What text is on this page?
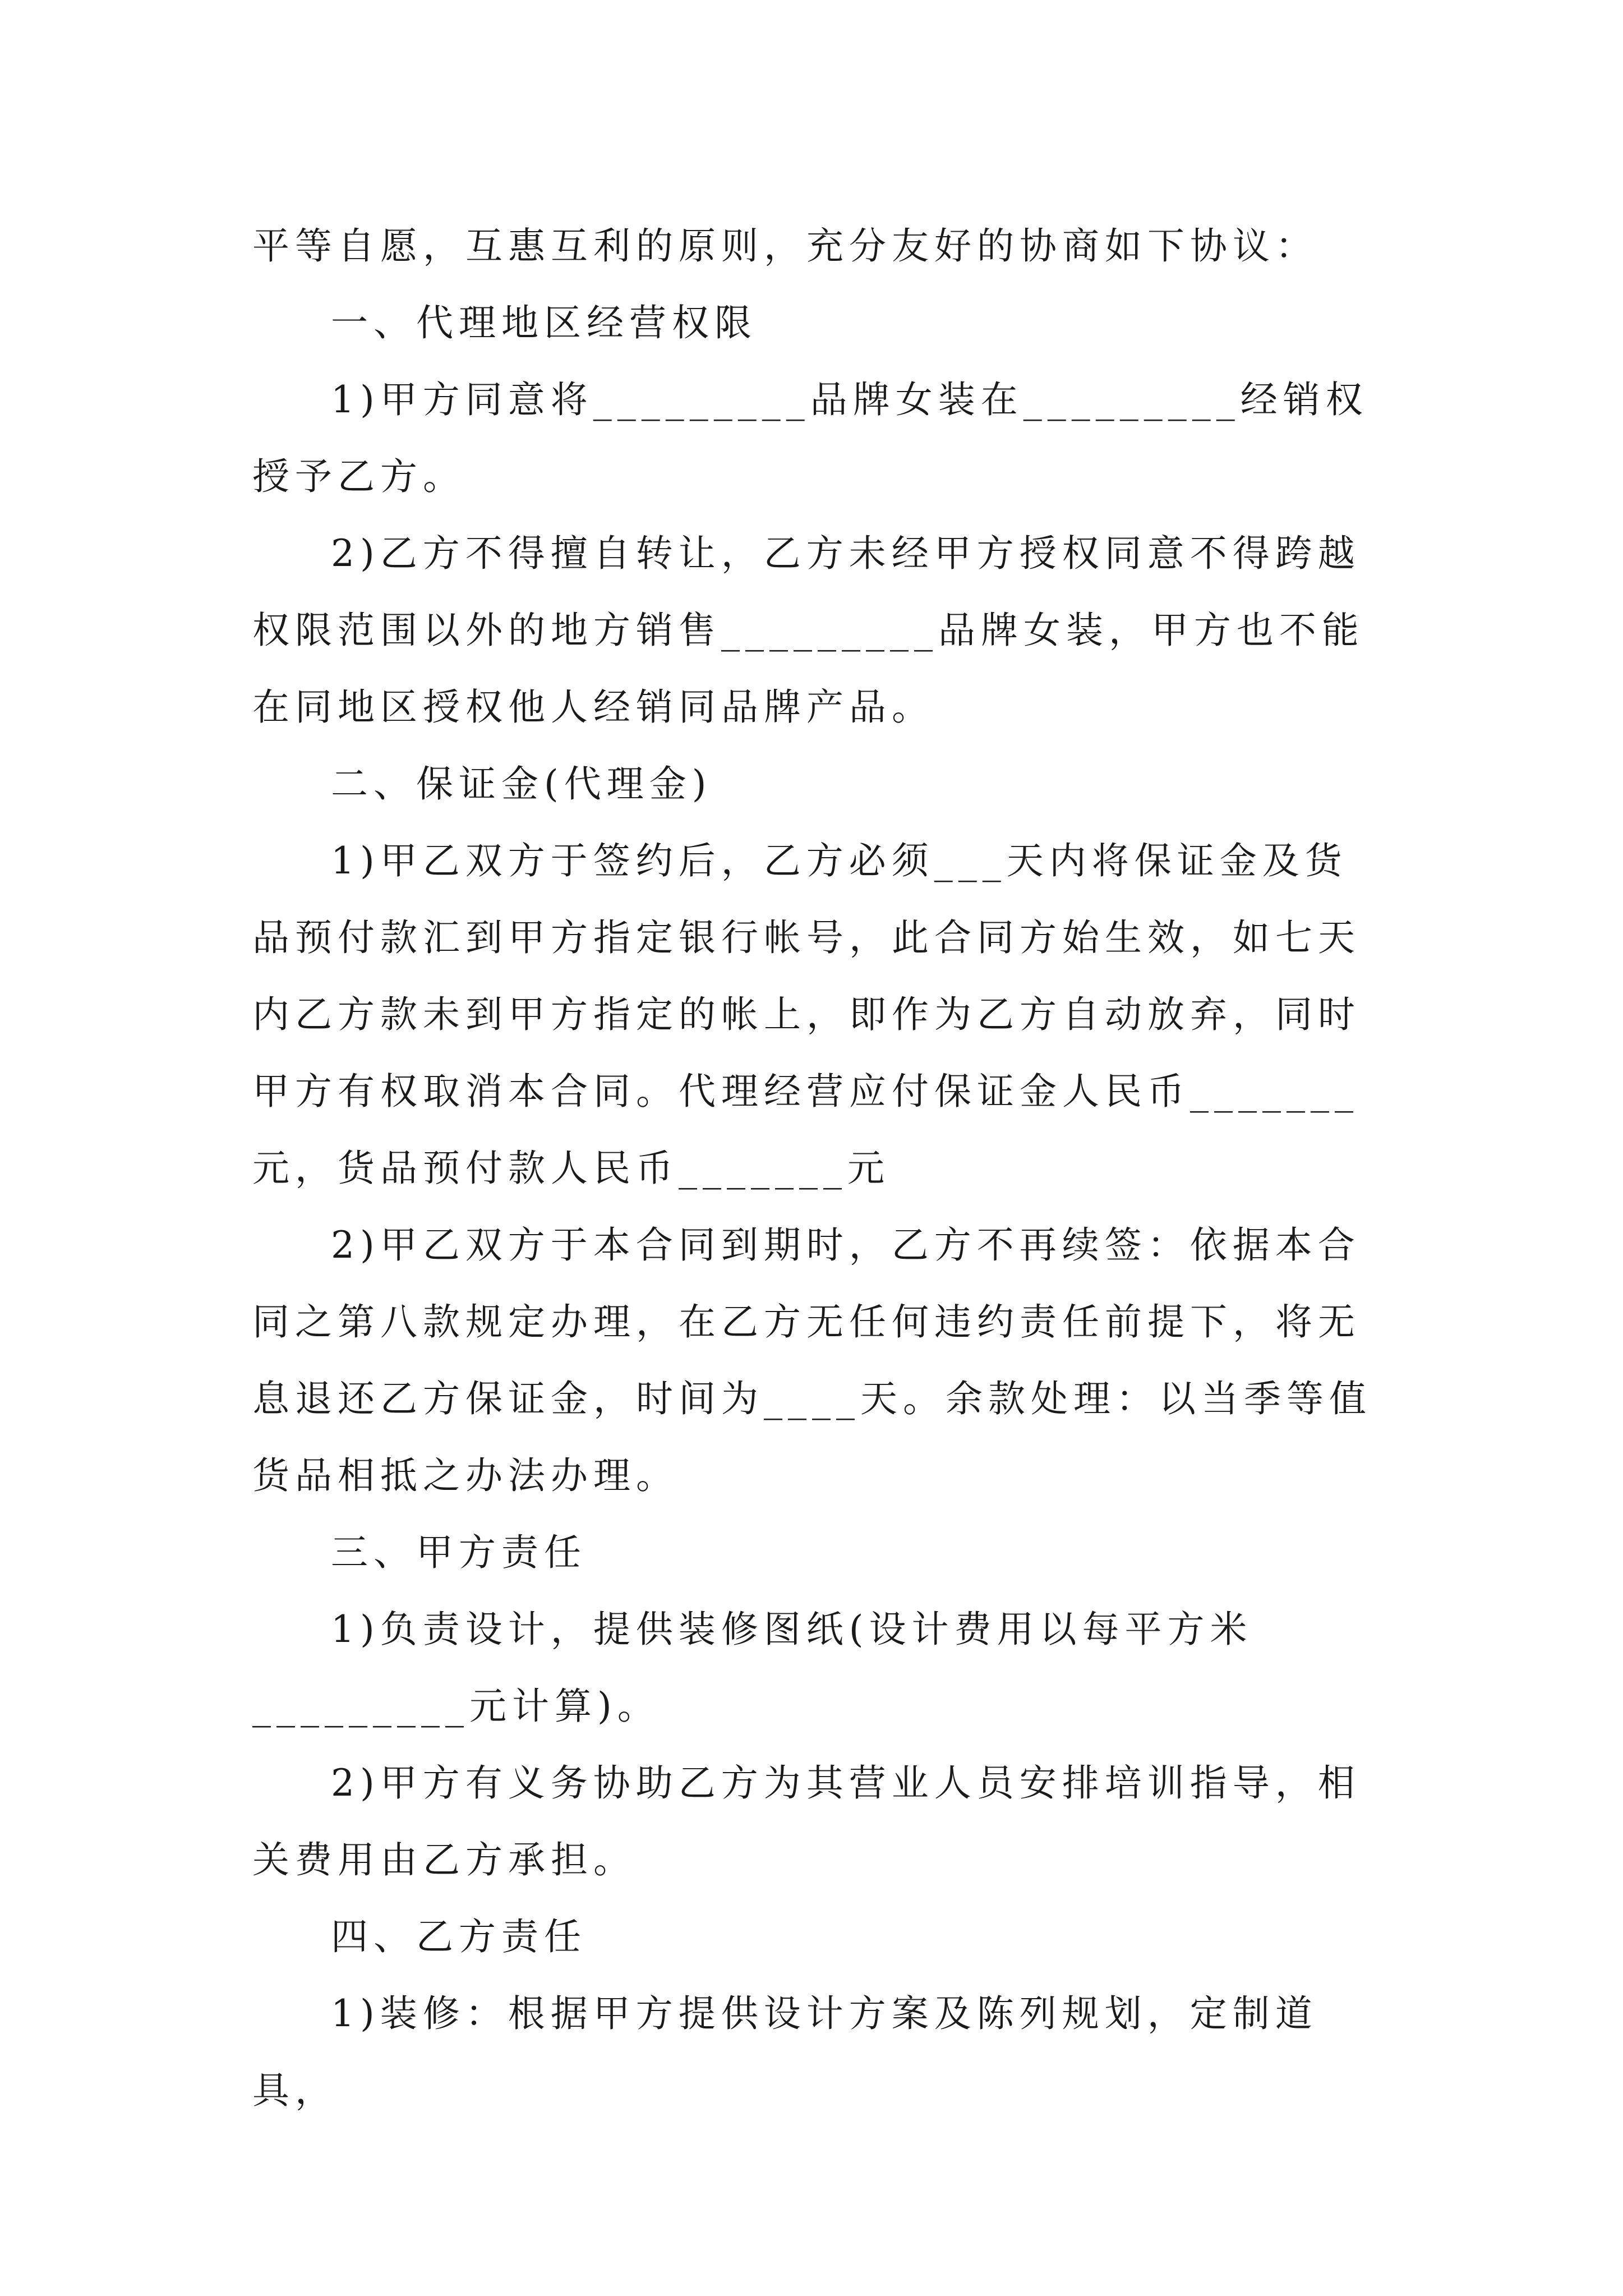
平等自愿，互惠互利的原则，充分友好的协商如下协议：

一、代理地区经营权限

1)甲方同意将_________品牌女装在_________经销权授予乙方。

2)乙方不得擅自转让，乙方未经甲方授权同意不得跨越权限范围以外的地方销售_________品牌女装，甲方也不能在同地区授权他人经销同品牌产品。

二、保证金(代理金)

1)甲乙双方于签约后，乙方必须___天内将保证金及货品预付款汇到甲方指定银行帐号，此合同方始生效，如七天内乙方款未到甲方指定的帐上，即作为乙方自动放弃，同时甲方有权取消本合同。代理经营应付保证金人民币_______元，货品预付款人民币_______元

2)甲乙双方于本合同到期时，乙方不再续签：依据本合同之第八款规定办理，在乙方无任何违约责任前提下，将无息退还乙方保证金，时间为____天。余款处理：以当季等值货品相抵之办法办理。

三、甲方责任

1)负责设计，提供装修图纸(设计费用以每平方米_________元计算)。

2)甲方有义务协助乙方为其营业人员安排培训指导，相关费用由乙方承担。

四、乙方责任

1)装修：根据甲方提供设计方案及陈列规划，定制道具，
